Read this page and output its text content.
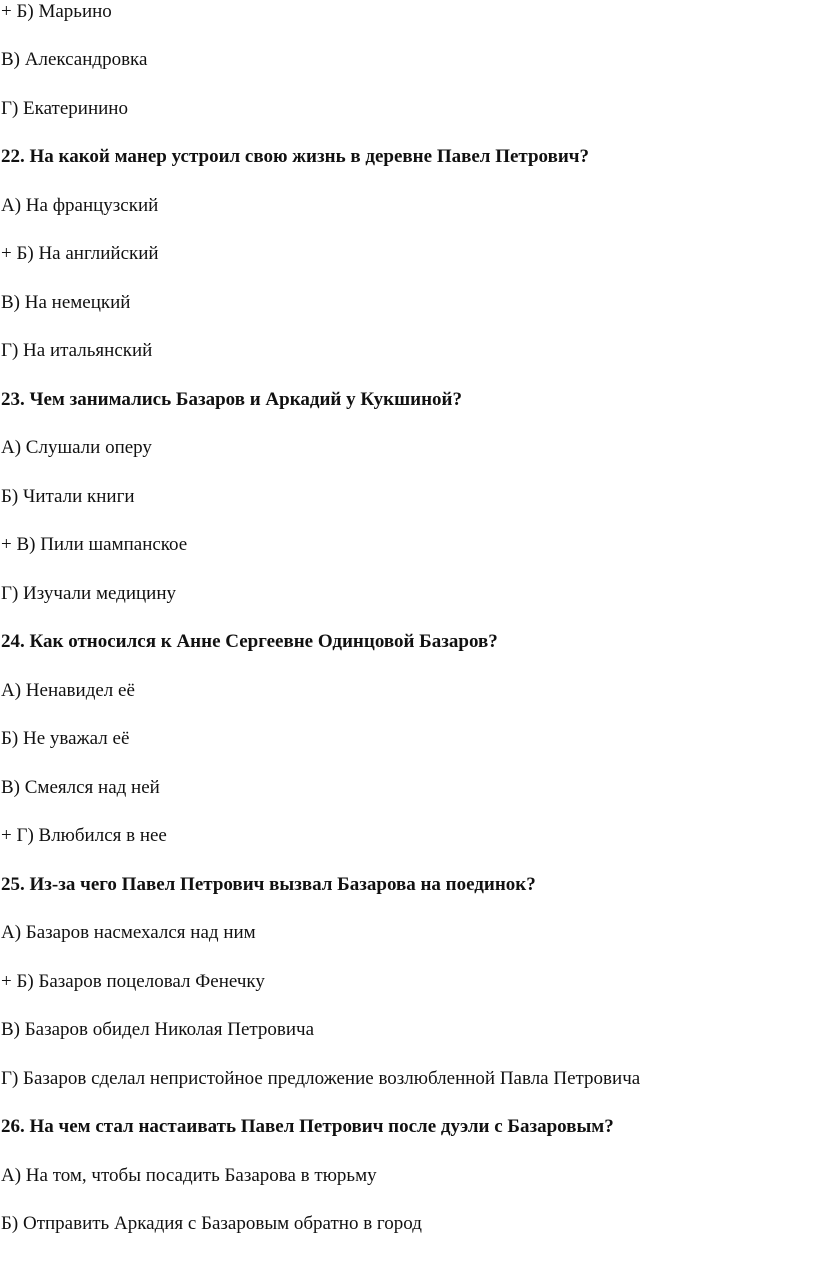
+ Б) Марьино
В) Александровка
Г) Екатеринино
22. На какой манер устроил свою жизнь в деревне Павел Петрович?
А) На французский
+ Б) На английский
В) На немецкий
Г) На итальянский
23. Чем занимались Базаров и Аркадий у Кукшиной?
А) Слушали оперу
Б) Читали книги
+ В) Пили шампанское
Г) Изучали медицину
24. Как относился к Анне Сергеевне Одинцовой Базаров?
А) Ненавидел её
Б) Не уважал её
В) Смеялся над ней
+ Г) Влюбился в нее
25. Из-за чего Павел Петрович вызвал Базарова на поединок?
А) Базаров насмехался над ним
+ Б) Базаров поцеловал Фенечку
В) Базаров обидел Николая Петровича
Г) Базаров сделал непристойное предложение возлюбленной Павла Петровича
26. На чем стал настаивать Павел Петрович после дуэли с Базаровым?
А) На том, чтобы посадить Базарова в тюрьму
Б) Отправить Аркадия с Базаровым обратно в город
